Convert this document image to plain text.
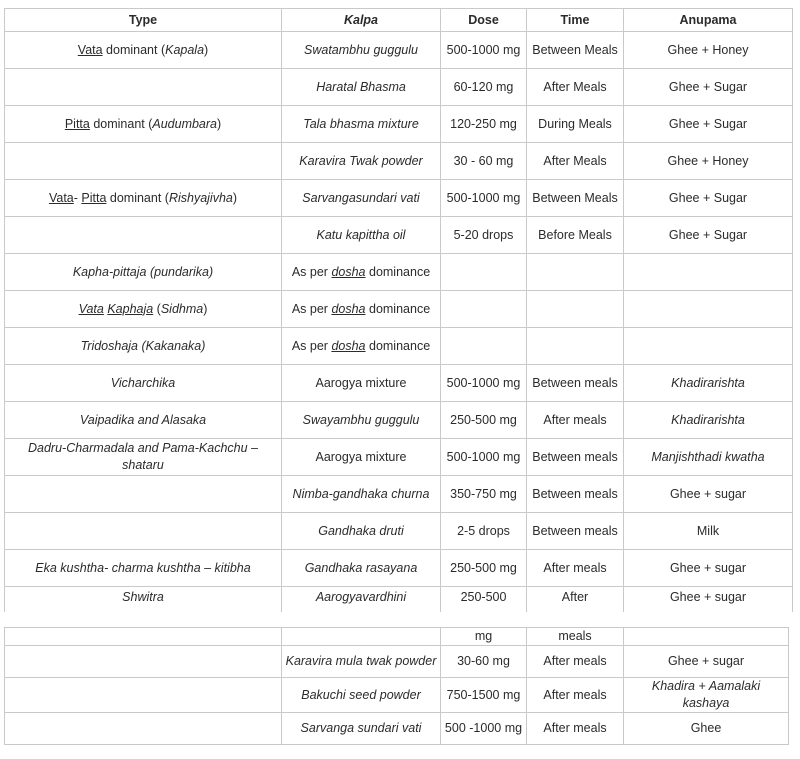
Type	Kalpa	Dose	Time	Anupama
Vata dominant (Kapala)	Swatambhu guggulu	500-1000 mg	Between Meals	Ghee + Honey
	Haratal Bhasma	60-120 mg	After Meals	Ghee + Sugar
Pitta dominant (Audumbara)	Tala bhasma mixture	120-250 mg	During Meals	Ghee + Sugar
	Karavira Twak powder	30 - 60 mg	After Meals	Ghee + Honey
Vata- Pitta dominant (Rishyajivha)	Sarvangasundari vati	500-1000 mg	Between Meals	Ghee + Sugar
	Katu kapittha oil	5-20 drops	Before Meals	Ghee + Sugar
Kapha-pittaja (pundarika)	As per dosha dominance			
Vata Kaphaja (Sidhma)	As per dosha dominance			
Tridoshaja (Kakanaka)	As per dosha dominance			
Vicharchika	Aarogya mixture	500-1000 mg	Between meals	Khadirarishta
Vaipadika and Alasaka	Swayambhu guggulu	250-500 mg	After meals	Khadirarishta
Dadru-Charmadala and Pama-Kachchu –shataru	Aarogya mixture	500-1000 mg	Between meals	Manjishthadi kwatha
	Nimba-gandhaka churna	350-750 mg	Between meals	Ghee + sugar
	Gandhaka druti	2-5 drops	Between meals	Milk
Eka kushtha- charma kushtha – kitibha	Gandhaka rasayana	250-500 mg	After meals	Ghee + sugar
Shwitra	Aarogyavardhini	250-500	After	Ghee + sugar
		mg	meals	
	Karavira mula twak powder	30-60 mg	After meals	Ghee + sugar
	Bakuchi seed powder	750-1500 mg	After meals	Khadira + Aamalaki kashaya
	Sarvanga sundari vati	500 -1000 mg	After meals	Ghee
